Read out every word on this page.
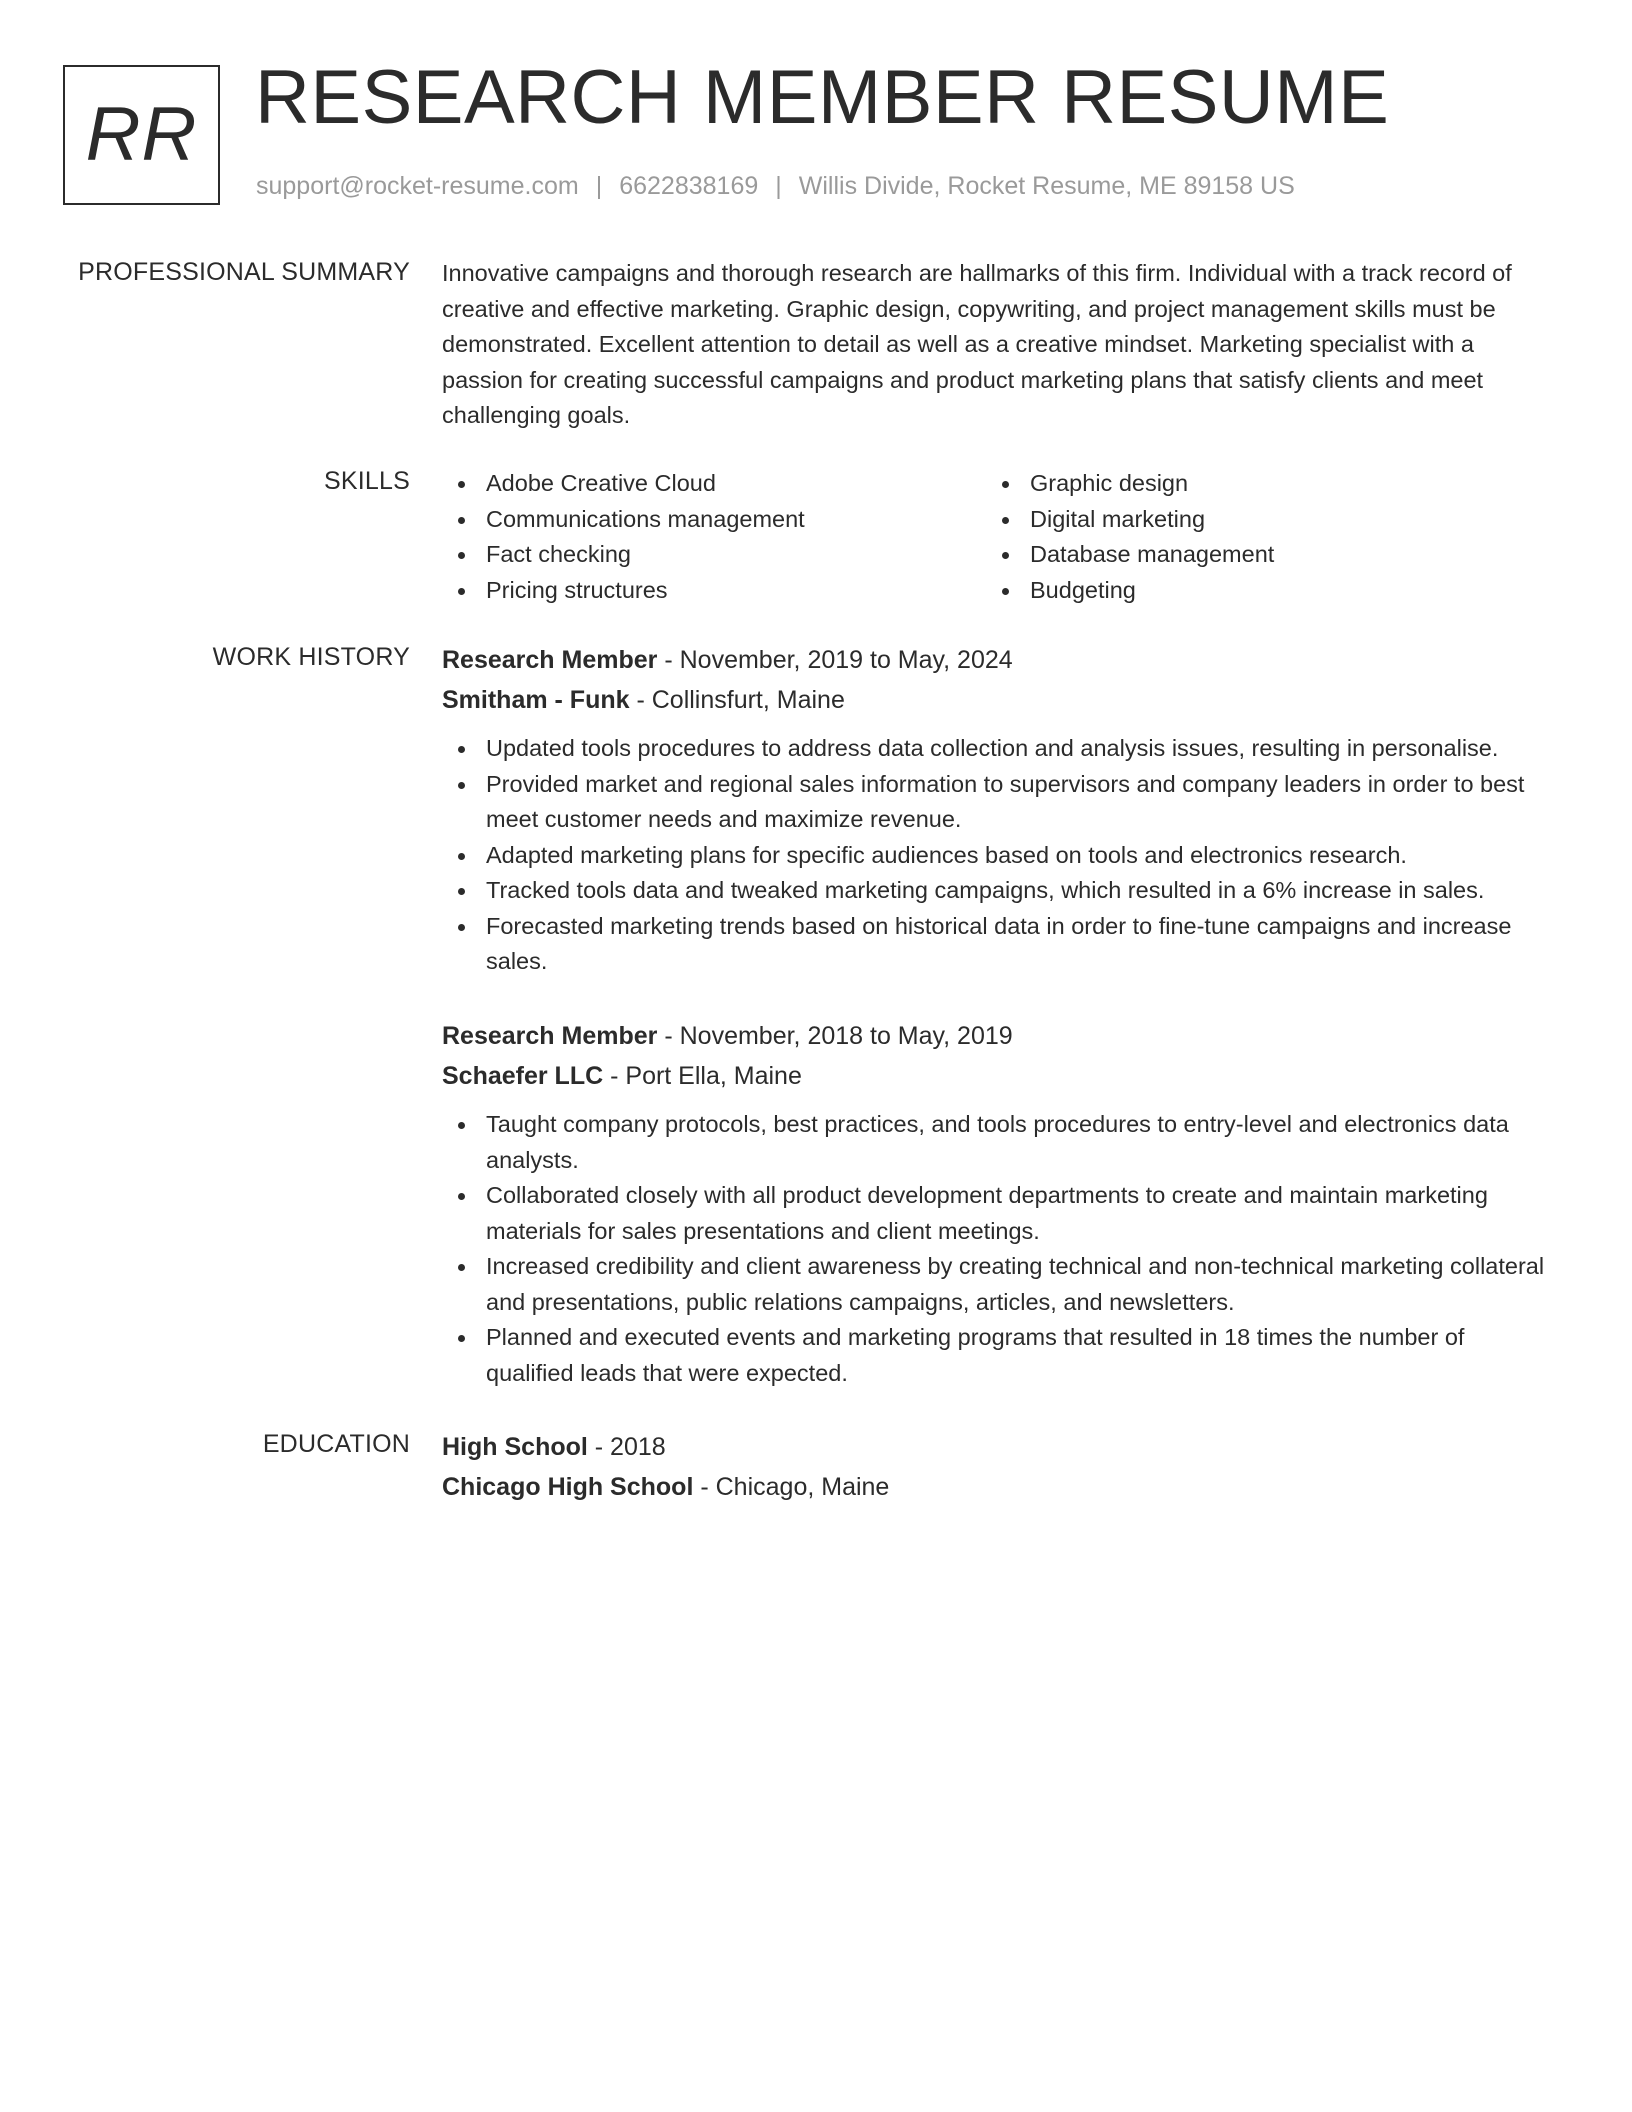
RR RESEARCH MEMBER RESUME
support@rocket-resume.com | 6622838169 | Willis Divide, Rocket Resume, ME 89158 US
PROFESSIONAL SUMMARY Innovative campaigns and thorough research are hallmarks of this firm. Individual with a track record of creative and effective marketing. Graphic design, copywriting, and project management skills must be demonstrated. Excellent attention to detail as well as a creative mindset. Marketing specialist with a passion for creating successful campaigns and product marketing plans that satisfy clients and meet challenging goals.

SKILLS	Adobe Creative Cloud
Communications management
Fact checking
Pricing structures
Graphic design
Digital marketing
Database management
Budgeting
WORK HISTORY Research Member - November, 2019 to May, 2024
Smitham - Funk - Collinsfurt, Maine
Updated tools procedures to address data collection and analysis issues, resulting in personalise.
Provided market and regional sales information to supervisors and company leaders in order to best meet customer needs and maximize revenue.
Adapted marketing plans for specific audiences based on tools and electronics research.
Tracked tools data and tweaked marketing campaigns, which resulted in a 6% increase in sales.
Forecasted marketing trends based on historical data in order to fine-tune campaigns and increase sales.
Research Member - November, 2018 to May, 2019
Schaefer LLC - Port Ella, Maine
Taught company protocols, best practices, and tools procedures to entry-level and electronics data analysts.
Collaborated closely with all product development departments to create and maintain marketing materials for sales presentations and client meetings.
Increased credibility and client awareness by creating technical and non-technical marketing collateral and presentations, public relations campaigns, articles, and newsletters.
Planned and executed events and marketing programs that resulted in 18 times the number of qualified leads that were expected.
EDUCATION High School - 2018
Chicago High School - Chicago, Maine
